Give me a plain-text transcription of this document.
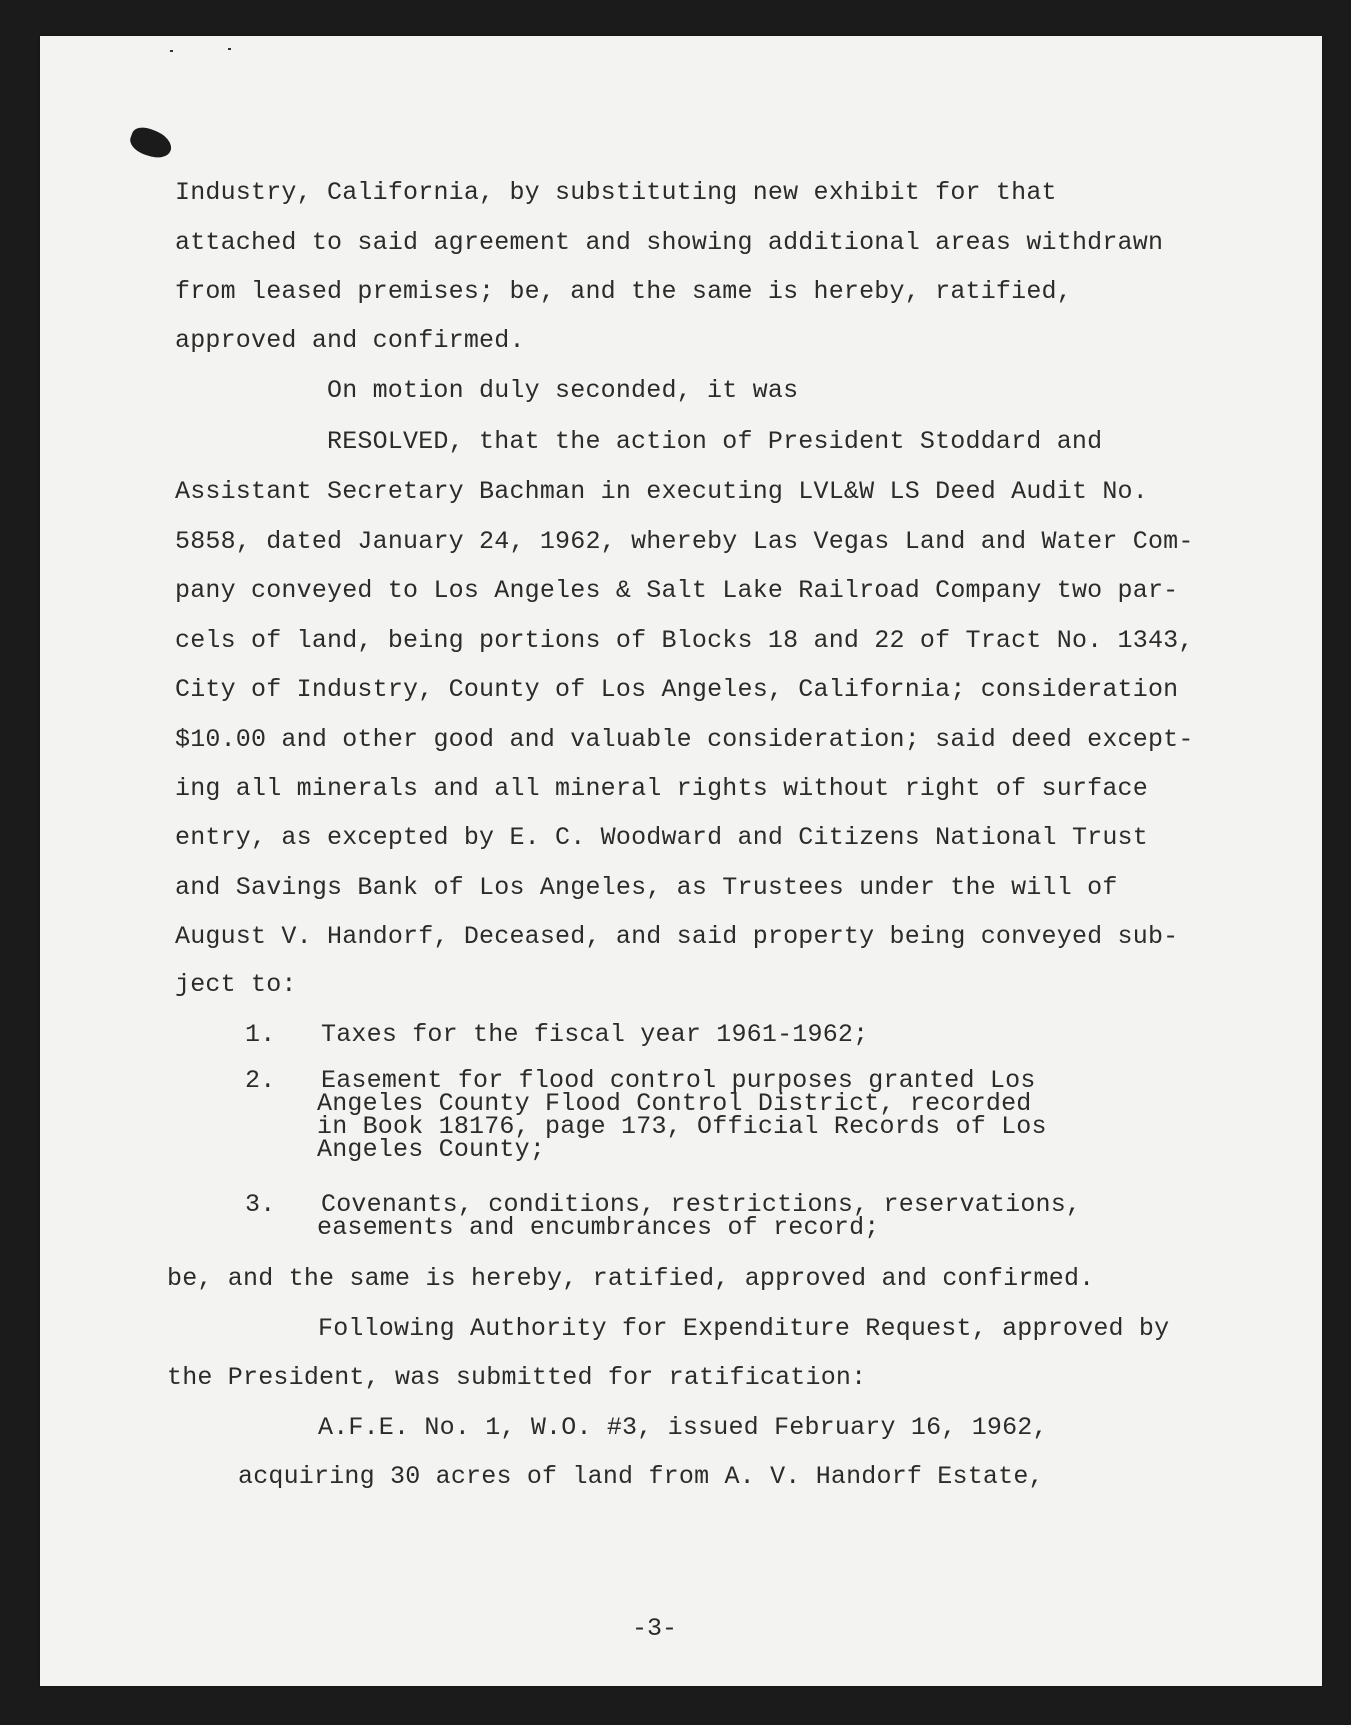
Industry, California, by substituting new exhibit for that
attached to said agreement and showing additional areas withdrawn
from leased premises; be, and the same is hereby, ratified,
approved and confirmed.
On motion duly seconded, it was
RESOLVED, that the action of President Stoddard and
Assistant Secretary Bachman in executing LVL&W LS Deed Audit No.
5858, dated January 24, 1962, whereby Las Vegas Land and Water Com-
pany conveyed to Los Angeles & Salt Lake Railroad Company two par-
cels of land, being portions of Blocks 18 and 22 of Tract No. 1343,
City of Industry, County of Los Angeles, California; consideration
$10.00 and other good and valuable consideration; said deed except-
ing all minerals and all mineral rights without right of surface
entry, as excepted by E. C. Woodward and Citizens National Trust
and Savings Bank of Los Angeles, as Trustees under the will of
August V. Handorf, Deceased, and said property being conveyed sub-
ject to:
1.   Taxes for the fiscal year 1961-1962;
2.   Easement for flood control purposes granted Los
Angeles County Flood Control District, recorded
in Book 18176, page 173, Official Records of Los
Angeles County;
3.   Covenants, conditions, restrictions, reservations,
easements and encumbrances of record;
be, and the same is hereby, ratified, approved and confirmed.
Following Authority for Expenditure Request, approved by
the President, was submitted for ratification:
A.F.E. No. 1, W.O. #3, issued February 16, 1962,
acquiring 30 acres of land from A. V. Handorf Estate,
-3-
